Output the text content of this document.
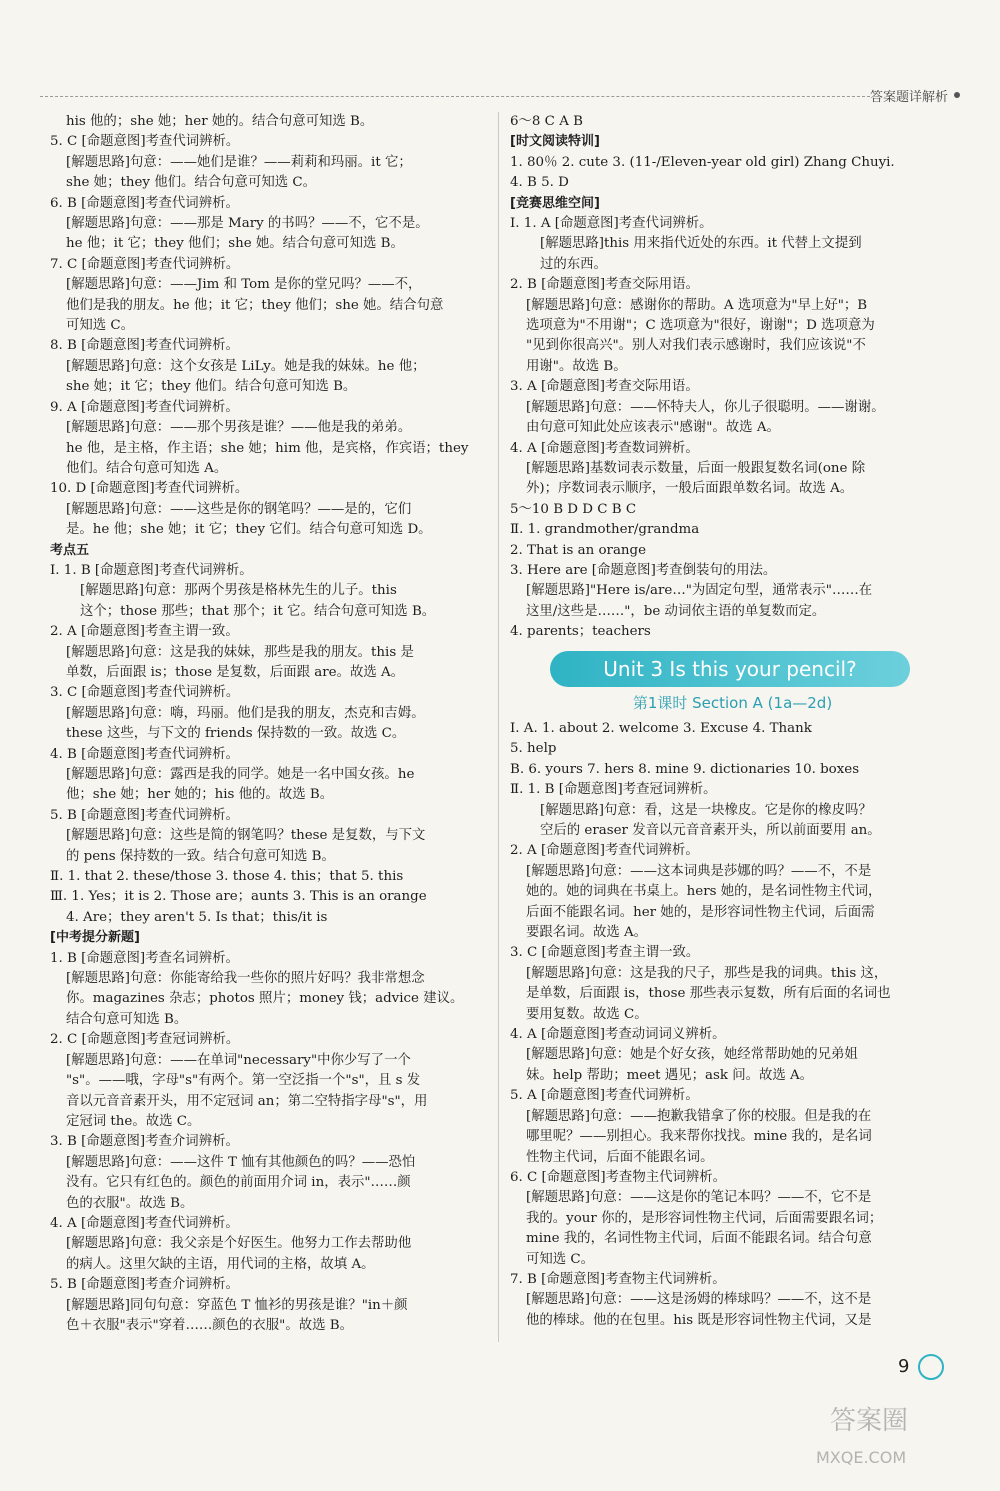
答案题详解析
his 他的；she 她；her 她的。结合句意可知选 B。
5. C [命题意图]考查代词辨析。
[解题思路]句意：——她们是谁？——莉莉和玛丽。it 它；
she 她；they 他们。结合句意可知选 C。
6. B [命题意图]考查代词辨析。
[解题思路]句意：——那是 Mary 的书吗？——不，它不是。
he 他；it 它；they 他们；she 她。结合句意可知选 B。
7. C [命题意图]考查代词辨析。
[解题思路]句意：——Jim 和 Tom 是你的堂兄吗？——不，
他们是我的朋友。he 他；it 它；they 他们；she 她。结合句意
可知选 C。
8. B [命题意图]考查代词辨析。
[解题思路]句意：这个女孩是 LiLy。她是我的妹妹。he 他；
she 她；it 它；they 他们。结合句意可知选 B。
9. A [命题意图]考查代词辨析。
[解题思路]句意：——那个男孩是谁？——他是我的弟弟。
he 他，是主格，作主语；she 她；him 他，是宾格，作宾语；they
他们。结合句意可知选 A。
10. D [命题意图]考查代词辨析。
[解题思路]句意：——这些是你的钢笔吗？——是的，它们
是。he 他；she 她；it 它；they 它们。结合句意可知选 D。
考点五
Ⅰ. 1. B [命题意图]考查代词辨析。
[解题思路]句意：那两个男孩是格林先生的儿子。this
这个；those 那些；that 那个；it 它。结合句意可知选 B。
2. A [命题意图]考查主谓一致。
[解题思路]句意：这是我的妹妹，那些是我的朋友。this 是
单数，后面跟 is；those 是复数，后面跟 are。故选 A。
3. C [命题意图]考查代词辨析。
[解题思路]句意：嗨，玛丽。他们是我的朋友，杰克和吉姆。
these 这些，与下文的 friends 保持数的一致。故选 C。
4. B [命题意图]考查代词辨析。
[解题思路]句意：露西是我的同学。她是一名中国女孩。he
他；she 她；her 她的；his 他的。故选 B。
5. B [命题意图]考查代词辨析。
[解题思路]句意：这些是简的钢笔吗？these 是复数，与下文
的 pens 保持数的一致。结合句意可知选 B。
Ⅱ. 1. that 2. these/those 3. those 4. this；that 5. this
Ⅲ. 1. Yes；it is 2. Those are；aunts 3. This is an orange
4. Are；they aren't 5. Is that；this/it is
[中考提分新题]
1. B [命题意图]考查名词辨析。
[解题思路]句意：你能寄给我一些你的照片好吗？我非常想念
你。magazines 杂志；photos 照片；money 钱；advice 建议。
结合句意可知选 B。
2. C [命题意图]考查冠词辨析。
[解题思路]句意：——在单词"necessary"中你少写了一个
"s"。——哦，字母"s"有两个。第一空泛指一个"s"，且 s 发
音以元音音素开头，用不定冠词 an；第二空特指字母"s"，用
定冠词 the。故选 C。
3. B [命题意图]考查介词辨析。
[解题思路]句意：——这件 T 恤有其他颜色的吗？——恐怕
没有。它只有红色的。颜色的前面用介词 in，表示"……颜
色的衣服"。故选 B。
4. A [命题意图]考查代词辨析。
[解题思路]句意：我父亲是个好医生。他努力工作去帮助他
的病人。这里欠缺的主语，用代词的主格，故填 A。
5. B [命题意图]考查介词辨析。
[解题思路]同句句意：穿蓝色 T 恤衫的男孩是谁？"in＋颜
色＋衣服"表示"穿着……颜色的衣服"。故选 B。
6～8 C A B
[时文阅读特训]
1. 80％ 2. cute 3. (11-/Eleven-year old girl) Zhang Chuyi.
4. B 5. D
[竞赛思维空间]
Ⅰ. 1. A [命题意图]考查代词辨析。
[解题思路]this 用来指代近处的东西。it 代替上文提到
过的东西。
2. B [命题意图]考查交际用语。
[解题思路]句意：感谢你的帮助。A 选项意为"早上好"；B
选项意为"不用谢"；C 选项意为"很好，谢谢"；D 选项意为
"见到你很高兴"。别人对我们表示感谢时，我们应该说"不
用谢"。故选 B。
3. A [命题意图]考查交际用语。
[解题思路]句意：——怀特夫人，你儿子很聪明。——谢谢。
由句意可知此处应该表示"感谢"。故选 A。
4. A [命题意图]考查数词辨析。
[解题思路]基数词表示数量，后面一般跟复数名词(one 除
外)；序数词表示顺序，一般后面跟单数名词。故选 A。
5～10 B D D C B C
Ⅱ. 1. grandmother/grandma
2. That is an orange
3. Here are [命题意图]考查倒装句的用法。
[解题思路]"Here is/are…"为固定句型，通常表示"……在
这里/这些是……"，be 动词依主语的单复数而定。
4. parents；teachers
Unit 3 Is this your pencil?
第1课时 Section A (1a—2d)
Ⅰ. A. 1. about 2. welcome 3. Excuse 4. Thank
5. help
B. 6. yours 7. hers 8. mine 9. dictionaries 10. boxes
Ⅱ. 1. B [命题意图]考查冠词辨析。
[解题思路]句意：看，这是一块橡皮。它是你的橡皮吗？
空后的 eraser 发音以元音音素开头，所以前面要用 an。
2. A [命题意图]考查代词辨析。
[解题思路]句意：——这本词典是莎娜的吗？——不，不是
她的。她的词典在书桌上。hers 她的，是名词性物主代词，
后面不能跟名词。her 她的，是形容词性物主代词，后面需
要跟名词。故选 A。
3. C [命题意图]考查主谓一致。
[解题思路]句意：这是我的尺子，那些是我的词典。this 这，
是单数，后面跟 is，those 那些表示复数，所有后面的名词也
要用复数。故选 C。
4. A [命题意图]考查动词词义辨析。
[解题思路]句意：她是个好女孩，她经常帮助她的兄弟姐
妹。help 帮助；meet 遇见；ask 问。故选 A。
5. A [命题意图]考查代词辨析。
[解题思路]句意：——抱歉我错拿了你的校服。但是我的在
哪里呢？——别担心。我来帮你找找。mine 我的，是名词
性物主代词，后面不能跟名词。
6. C [命题意图]考查物主代词辨析。
[解题思路]句意：——这是你的笔记本吗？——不，它不是
我的。your 你的，是形容词性物主代词，后面需要跟名词；
mine 我的，名词性物主代词，后面不能跟名词。结合句意
可知选 C。
7. B [命题意图]考查物主代词辨析。
[解题思路]句意：——这是汤姆的棒球吗？——不，这不是
他的棒球。他的在包里。his 既是形容词性物主代词，又是
9
答案圈
MXQE.COM
